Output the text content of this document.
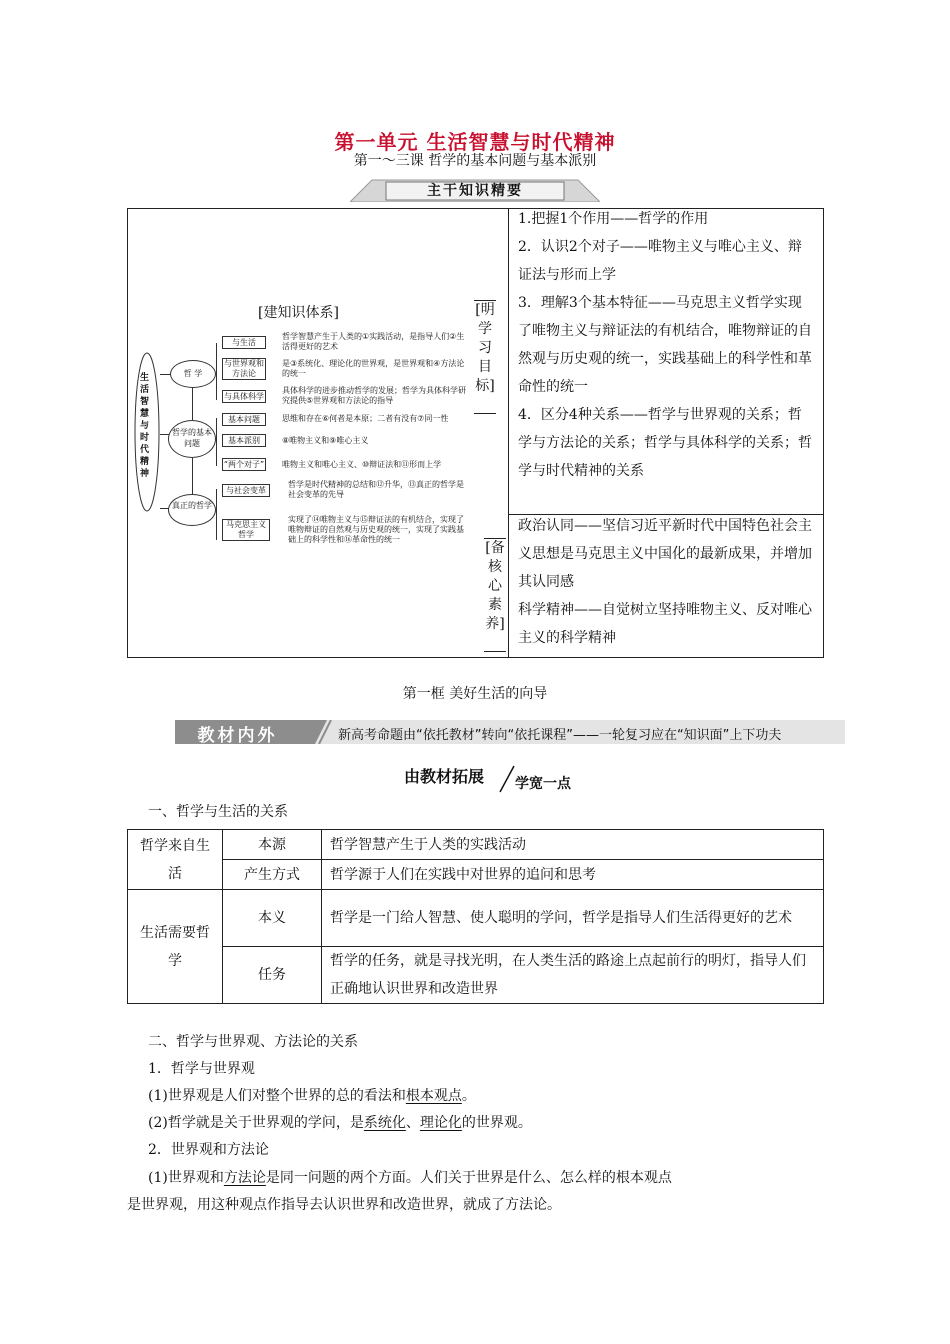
第一单元 生活智慧与时代精神
第一～三课 哲学的基本问题与基本派别
主干知识精要
[建知识体系]
生活智慧与时代精神
哲 学
哲学的基本问题
真正的哲学
与生活
与世界观和方法论
与具体科学
基本问题
基本派别
“两个对子”
与社会变革
马克思主义哲学
哲学智慧产生于人类的①实践活动，是指导人们②生活得更好的艺术
是③系统化、理论化的世界观，是世界观和④方法论的统一
具体科学的进步推动哲学的发展；哲学为具体科学研究提供⑤世界观和方法论的指导
思维和存在⑥何者是本原；二者有没有⑦同一性
⑧唯物主义和⑨唯心主义
唯物主义和唯心主义、⑩辩证法和⑪形而上学
哲学是时代精神的总结和⑫升华，⑬真正的哲学是社会变革的先导
实现了⑭唯物主义与⑮辩证法的有机结合，实现了唯物辩证的自然观与历史观的统一，实现了实践基础上的科学性和⑯革命性的统一
[明学习目标]

1.把握1个作用——哲学的作用

2．认识2个对子——唯物主义与唯心主义、辩证法与形而上学

3．理解3个基本特征——马克思主义哲学实现了唯物主义与辩证法的有机结合，唯物辩证的自然观与历史观的统一，实践基础上的科学性和革命性的统一

4．区分4种关系——哲学与世界观的关系；哲学与方法论的关系；哲学与具体科学的关系；哲学与时代精神的关系

[备核心素养]

政治认同——坚信习近平新时代中国特色社会主义思想是马克思主义中国化的最新成果，并增加其认同感

科学精神——自觉树立坚持唯物主义、反对唯心主义的科学精神

第一框 美好生活的向导
教材内外	新高考命题由“依托教材”转向“依托课程”——一轮复习应在“知识面”上下功夫
由教材拓展 学宽一点
一、哲学与生活的关系
哲学来自生活	本源	哲学智慧产生于人类的实践活动
	产生方式	哲学源于人们在实践中对世界的追问和思考
生活需要哲学	本义	哲学是一门给人智慧、使人聪明的学问，哲学是指导人们生活得更好的艺术
	任务	哲学的任务，就是寻找光明，在人类生活的路途上点起前行的明灯，指导人们正确地认识世界和改造世界
二、哲学与世界观、方法论的关系
1．哲学与世界观
(1)世界观是人们对整个世界的总的看法和根本观点。
(2)哲学就是关于世界观的学问，是系统化、理论化的世界观。
2．世界观和方法论
(1)世界观和方法论是同一问题的两个方面。人们关于世界是什么、怎么样的根本观点
是世界观，用这种观点作指导去认识世界和改造世界，就成了方法论。
